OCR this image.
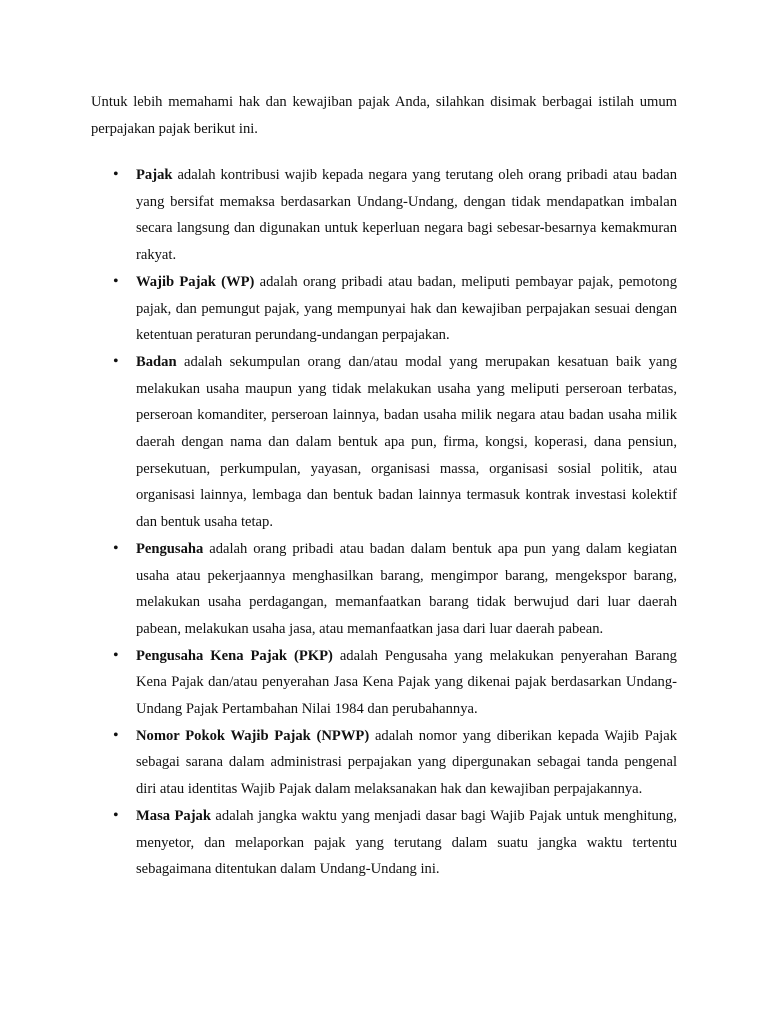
Untuk lebih memahami hak dan kewajiban pajak Anda, silahkan disimak berbagai istilah umum perpajakan pajak berikut ini.

• Pajak adalah kontribusi wajib kepada negara yang terutang oleh orang pribadi atau badan yang bersifat memaksa berdasarkan Undang-Undang, dengan tidak mendapatkan imbalan secara langsung dan digunakan untuk keperluan negara bagi sebesar-besarnya kemakmuran rakyat.
• Wajib Pajak (WP) adalah orang pribadi atau badan, meliputi pembayar pajak, pemotong pajak, dan pemungut pajak, yang mempunyai hak dan kewajiban perpajakan sesuai dengan ketentuan peraturan perundang-undangan perpajakan.
• Badan adalah sekumpulan orang dan/atau modal yang merupakan kesatuan baik yang melakukan usaha maupun yang tidak melakukan usaha yang meliputi perseroan terbatas, perseroan komanditer, perseroan lainnya, badan usaha milik negara atau badan usaha milik daerah dengan nama dan dalam bentuk apa pun, firma, kongsi, koperasi, dana pensiun, persekutuan, perkumpulan, yayasan, organisasi massa, organisasi sosial politik, atau organisasi lainnya, lembaga dan bentuk badan lainnya termasuk kontrak investasi kolektif dan bentuk usaha tetap.
• Pengusaha adalah orang pribadi atau badan dalam bentuk apa pun yang dalam kegiatan usaha atau pekerjaannya menghasilkan barang, mengimpor barang, mengekspor barang, melakukan usaha perdagangan, memanfaatkan barang tidak berwujud dari luar daerah pabean, melakukan usaha jasa, atau memanfaatkan jasa dari luar daerah pabean.
• Pengusaha Kena Pajak (PKP) adalah Pengusaha yang melakukan penyerahan Barang Kena Pajak dan/atau penyerahan Jasa Kena Pajak yang dikenai pajak berdasarkan Undang-Undang Pajak Pertambahan Nilai 1984 dan perubahannya.
• Nomor Pokok Wajib Pajak (NPWP) adalah nomor yang diberikan kepada Wajib Pajak sebagai sarana dalam administrasi perpajakan yang dipergunakan sebagai tanda pengenal diri atau identitas Wajib Pajak dalam melaksanakan hak dan kewajiban perpajakannya.
• Masa Pajak adalah jangka waktu yang menjadi dasar bagi Wajib Pajak untuk menghitung, menyetor, dan melaporkan pajak yang terutang dalam suatu jangka waktu tertentu sebagaimana ditentukan dalam Undang-Undang ini.
